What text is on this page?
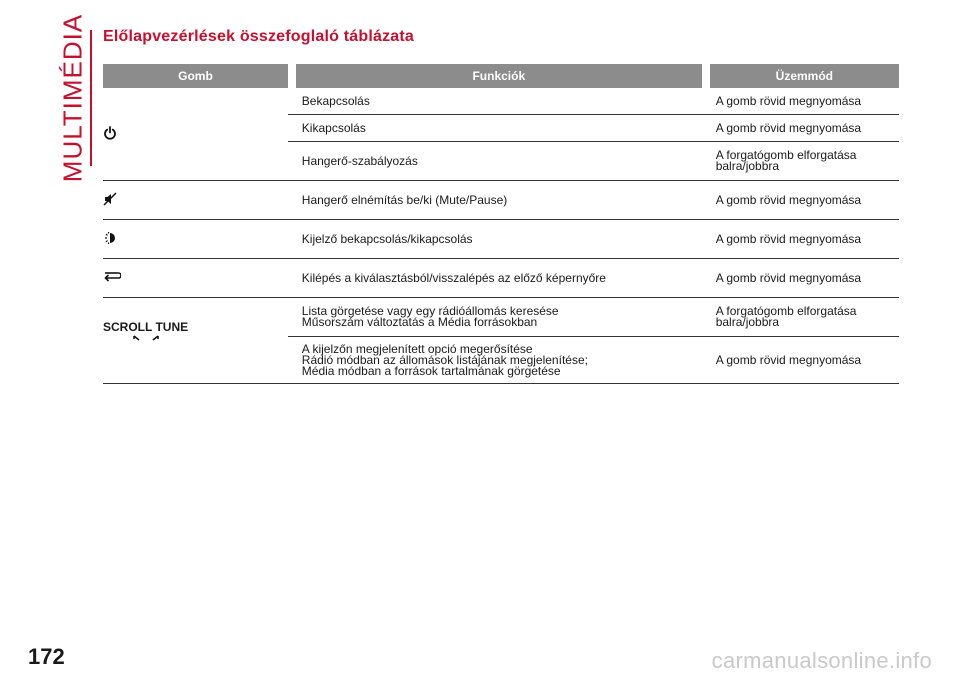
MULTIMÉDIA Előlapvezérlések összefoglaló táblázata
Gomb		Funkciók		Üzemmód

		Bekapcsolás		A gomb rövid megnyomása
		Kikapcsolás		A gomb rövid megnyomása
		Hangerő-szabályozás		A forgatógomb elforgatása
balra/jobbra

		Hangerő elnémítás be/ki (Mute/Pause)		A gomb rövid megnyomása

		Kijelző bekapcsolás/kikapcsolás		A gomb rövid megnyomása

		Kilépés a kiválasztásból/visszalépés az előző képernyőre		A gomb rövid megnyomása

SCROLL TUNE		Lista görgetése vagy egy rádióállomás keresése
Műsorszám változtatás a Média forrásokban		A forgatógomb elforgatása
balra/jobbra
		A kijelzőn megjelenített opció megerősítése
Rádió módban az állomások listájának megjelenítése;
Média módban a források tartalmának görgetése		A gomb rövid megnyomása
172	carmanualsonline.info
